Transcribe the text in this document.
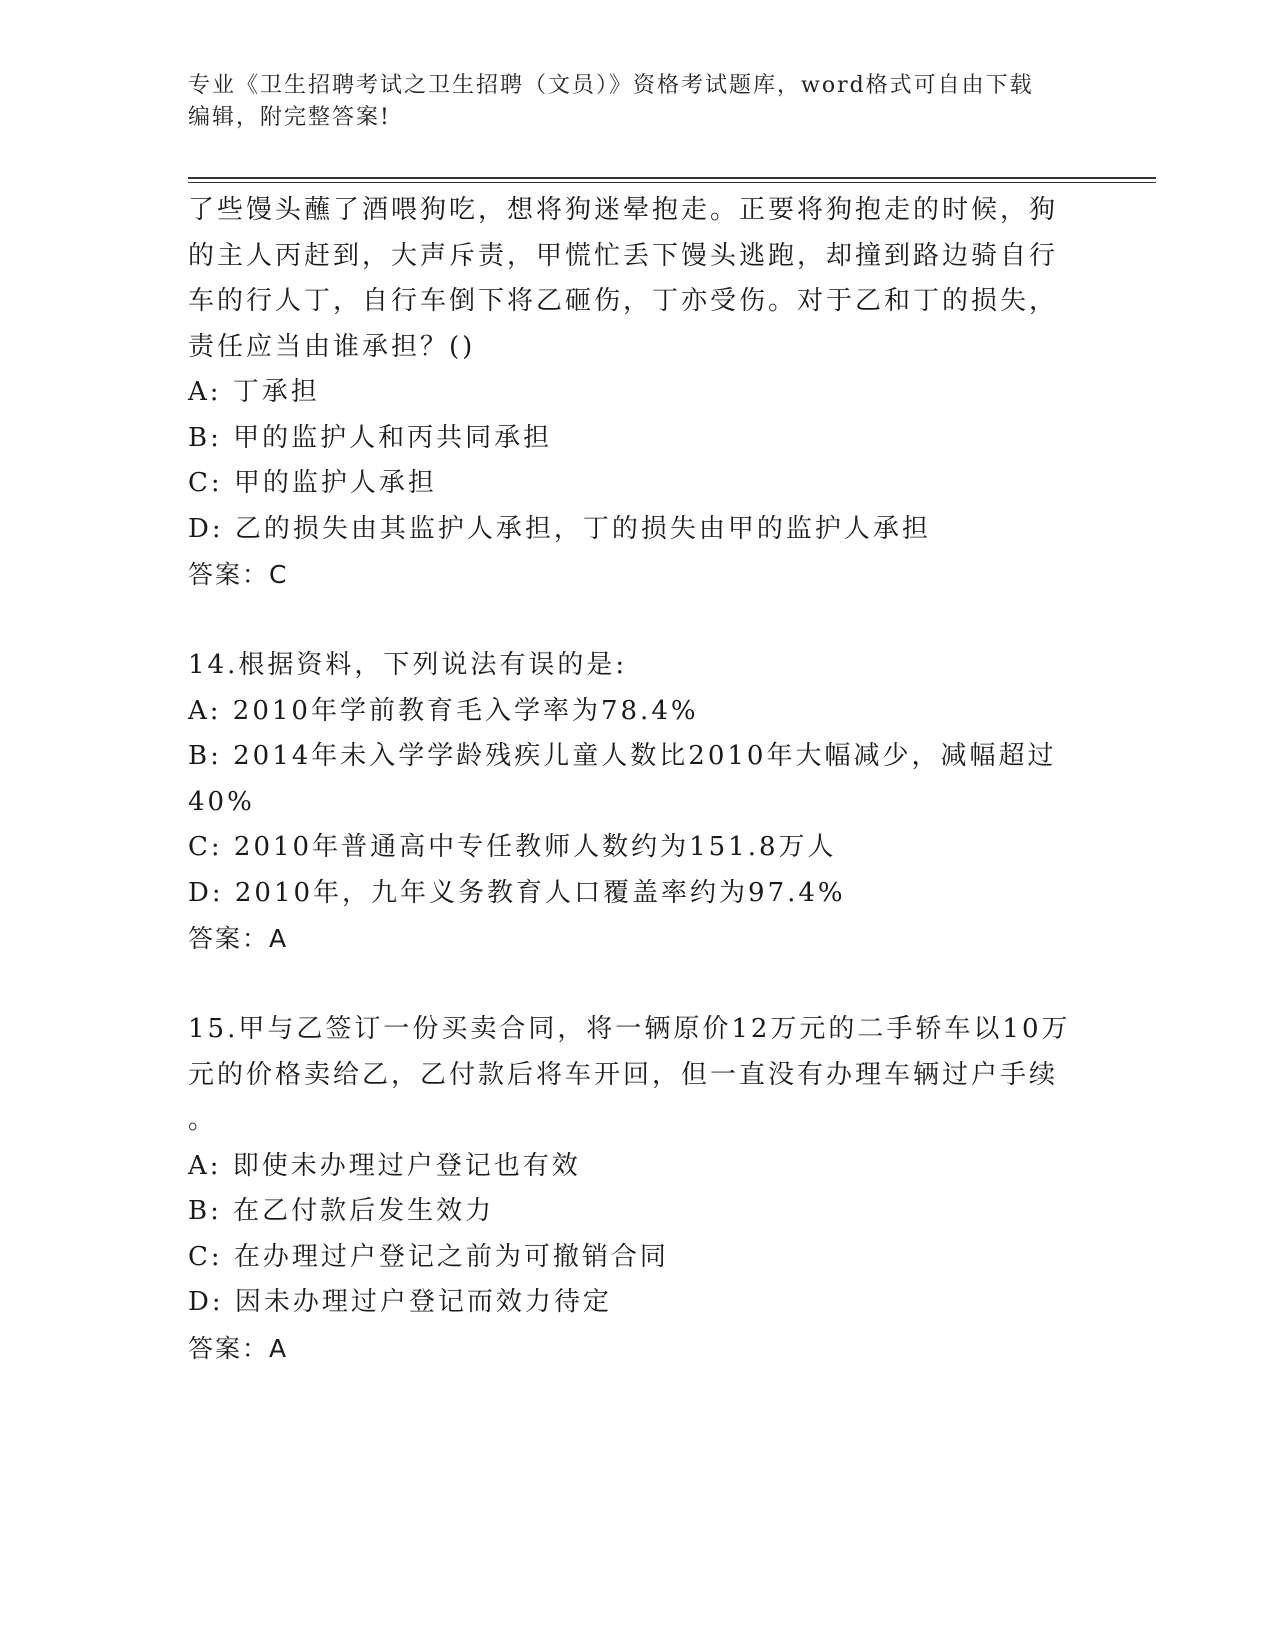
专业《卫生招聘考试之卫生招聘（文员）》资格考试题库，word格式可自由下载
编辑，附完整答案!
了些馒头蘸了酒喂狗吃，想将狗迷晕抱走。正要将狗抱走的时候，狗
的主人丙赶到，大声斥责，甲慌忙丢下馒头逃跑，却撞到路边骑自行
车的行人丁，自行车倒下将乙砸伤，丁亦受伤。对于乙和丁的损失，
责任应当由谁承担？()
A: 丁承担
B: 甲的监护人和丙共同承担
C: 甲的监护人承担
D: 乙的损失由其监护人承担，丁的损失由甲的监护人承担
答案：C
14.根据资料，下列说法有误的是:
A: 2010年学前教育毛入学率为78.4%
B: 2014年未入学学龄残疾儿童人数比2010年大幅减少，减幅超过
40%
C: 2010年普通高中专任教师人数约为151.8万人
D: 2010年，九年义务教育人口覆盖率约为97.4%
答案：A
15.甲与乙签订一份买卖合同，将一辆原价12万元的二手轿车以10万
元的价格卖给乙，乙付款后将车开回，但一直没有办理车辆过户手续
。
A: 即使未办理过户登记也有效
B: 在乙付款后发生效力
C: 在办理过户登记之前为可撤销合同
D: 因未办理过户登记而效力待定
答案：A
